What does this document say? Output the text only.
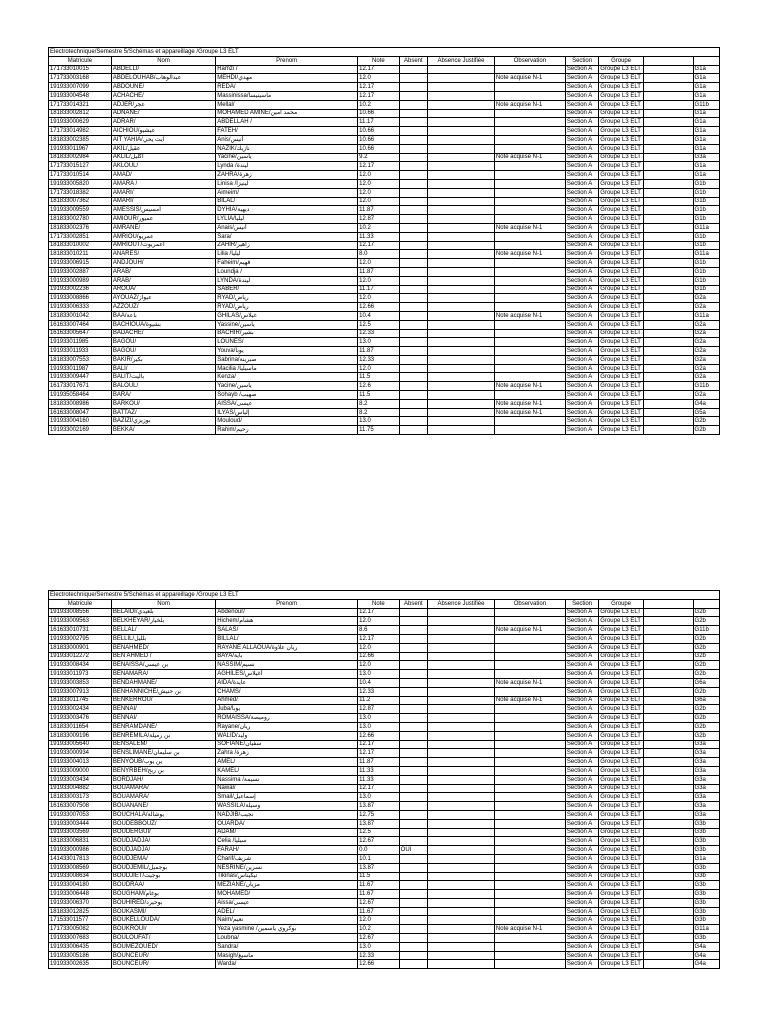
Electrotechnique/Semestre 5/Schémas et appareillage /Groupe L3 ELT										
Matricule	Nom	Prenom	Note	Absent	Absence Justifiée	Observation	Section	Groupe		
171733010015	ABDELLI/	Ramzi /	12.17				Section A	Groupe L3 ELT		G1a
171733003168	ABDELOUHAB/عبدالوهاب	MEHDI/مهدي	12.0			Note acquise N-1	Section A	Groupe L3 ELT		G1a
191933007099	ABDOUNE/	REDA/	12.17				Section A	Groupe L3 ELT		G1a
191933004548	ACHACHE/	Massinissa/ماسينيسا	12.17				Section A	Groupe L3 ELT		G1a
171733014321	ADJER/عجر	Mellal/	10.2			Note acquise N-1	Section A	Groupe L3 ELT		G11b
181833002812	ADNANE/	MOHAMED AMINE/محمد أمين	10.66				Section A	Groupe L3 ELT		G1a
191933000629	ADRAR/	ABDELLAH /	11.17				Section A	Groupe L3 ELT		G1a
171733014982	AICHIOU/عيشيو	FATEH/	10.66				Section A	Groupe L3 ELT		G1a
181833002385	AIT YAHIA/آيت يحي	Anis/أنيس	10.66				Section A	Groupe L3 ELT		G1a
191933011967	AKIL/عقيل	NAZIK/نازيك	10.66				Section A	Groupe L3 ELT		G1a
181833002984	AKLIL/أكليل	Yacine/ياسين	9.2			Note acquise N-1	Section A	Groupe L3 ELT		G3a
171733015127	AKLOUL/	Lynda /ليندة	12.17				Section A	Groupe L3 ELT		G1a
171733010514	AMAD/	ZAHRA/زهرة	12.0				Section A	Groupe L3 ELT		G1a
191933005820	AMARA /	Linisa /لينيزا	12.0				Section A	Groupe L3 ELT		G1b
171733018382	AMARI/	Aimeim/	12.0				Section A	Groupe L3 ELT		G1b
181833007362	AMARI/	BILAL/	12.0				Section A	Groupe L3 ELT		G1b
191933009559	AMESSIS/أمسيس	DYHIA/ديهية	11.87				Section A	Groupe L3 ELT		G1b
181833002780	AMIOUR/عميور	LYLIA/ليليا	12.87				Section A	Groupe L3 ELT		G1b
181833002376	AMRANE/	Anais/أنيس	10.2			Note acquise N-1	Section A	Groupe L3 ELT		G11a
171733002851	AMRIOU/عمريو	Sara/	11.33				Section A	Groupe L3 ELT		G1b
181833010002	AMRIOUT/اعمريوت	ZAHIR/زاهير	12.17				Section A	Groupe L3 ELT		G1b
181833010211	ANARES/	Lilia /ليليا	8.0			Note acquise N-1	Section A	Groupe L3 ELT		G11a
191933006915	ANDJOUH/	Faheim/فهيم	12.0				Section A	Groupe L3 ELT		G1b
191933002887	ARAB/	Loundja /	11.87				Section A	Groupe L3 ELT		G1b
191933000989	ARAB/	LYNDA/ليندة	12.0				Section A	Groupe L3 ELT		G1b
191933002236	AROUA/	SABER/	11.17				Section A	Groupe L3 ELT		G1b
191933008866	AYOUAZ/عيواز	RYAD/رياض	12.0				Section A	Groupe L3 ELT		G2a
191933006333	AZZOUZ/	RYAD/رياض	12.66				Section A	Groupe L3 ELT		G2a
181833001042	BAA/باعة	GHILAS/غيلاس	10.4			Note acquise N-1	Section A	Groupe L3 ELT		G11a
161633007464	BACHIOUA/بشيوة	Yassine/ياسين	12.5				Section A	Groupe L3 ELT		G2a
161633005647	BADACHE/	BACHIR/بشير	12.33				Section A	Groupe L3 ELT		G2a
191933011985	BAGOU/	LOUNES/	13.0				Section A	Groupe L3 ELT		G2a
191933011933	BAGOU/	Youva/يوبا	11.87				Section A	Groupe L3 ELT		G2a
181833007553	BAKIR/بكير	Sabrina/صبرينة	12.33				Section A	Groupe L3 ELT		G2a
191933011987	BALI/	Macilia /ماسيليا	12.0				Section A	Groupe L3 ELT		G2a
191933009447	BALIT/باليت	Kenza/	11.5				Section A	Groupe L3 ELT		G2a
161733017671	BALOUL/	Yacine/ياسين	12.6			Note acquise N-1	Section A	Groupe L3 ELT		G11b
191935058464	BARA/	Sohayb /صهيب	11.5				Section A	Groupe L3 ELT		G2a
181833008986	BARKOU/	AISSA/عيسى	8.2			Note acquise N-1	Section A	Groupe L3 ELT		G4a
161633008047	BATTAZ/	ILYAS/إلياس	8.2			Note acquise N-1	Section A	Groupe L3 ELT		G5a
191933004160	BAZIZI/بوزيزي	Mouloud/	13.0				Section A	Groupe L3 ELT		G2b
191933002169	BEKKA/	Rahim/رحيم	11.75				Section A	Groupe L3 ELT		G2b
Electrotechnique/Semestre 5/Schémas et appareillage /Groupe L3 ELT										
Matricule	Nom	Prenom	Note	Absent	Absence Justifiée	Observation	Section	Groupe		
191933008556	BELAIDI/بلعيدي	Abdenour/	12.17				Section A	Groupe L3 ELT		G2b
191933009563	BELKHEYAR/بلخيار	Hichem/هشام	12.0				Section A	Groupe L3 ELT		G2b
161633010731	BELLAL/	SALAS/	8.6			Note acquise N-1	Section A	Groupe L3 ELT		G11b
191933002795	BELLIL/بلليل	BILLAL/	12.17				Section A	Groupe L3 ELT		G2b
181833000901	BENAHMED/	RAYANE ALLAOUA/ريان علاوة	12.0				Section A	Groupe L3 ELT		G2b
191933012272	BEN AHMED /	BAYA/باية	12.66				Section A	Groupe L3 ELT		G2b
191933008434	BENAISSA/بن عيسى	NASSIM/نسيم	12.0				Section A	Groupe L3 ELT		G2b
191933011973	BENAMARA/	AGHILES/أغيلاس	13.0				Section A	Groupe L3 ELT		G2b
191933003853	BENDAHMANE/	AIDA/عايدة	10.4			Note acquise N-1	Section A	Groupe L3 ELT		G6a
191933007913	BENHANNICHE/بن حنيش	CHAMS/	12.33				Section A	Groupe L3 ELT		G2b
181833011745	BENKERROU/	Ahmed/	11.2			Note acquise N-1	Section A	Groupe L3 ELT		G6a
191933002434	BENNAI/	Juba/يوبا	12.87				Section A	Groupe L3 ELT		G2b
191933003476	BENNAI/	ROMAISSA/روميصة	13.0				Section A	Groupe L3 ELT		G2b
181833011654	BENRAMDANE/	Rayane/ريان	13.0				Section A	Groupe L3 ELT		G2b
181833009196	BENREMILA/بن رميلة	WALID/وليد	12.66				Section A	Groupe L3 ELT		G2b
191933005640	BENSALEM/	SOFIANE/سفيان	12.17				Section A	Groupe L3 ELT		G3a
191933000934	BENSLIMANE/بن سليمان	Zahra /زهرة	12.17				Section A	Groupe L3 ELT		G3a
191933004013	BENYOUB/بن يوب	AMEL/	11.87				Section A	Groupe L3 ELT		G3a
191933009000	BENYRBEH/بن ربح	KAMEL/	11.33				Section A	Groupe L3 ELT		G3a
191933003434	BORDJAH/	Nassima /نسيمة	11.33				Section A	Groupe L3 ELT		G3a
191933004882	BOUAMARA/	Nawal/	12.17				Section A	Groupe L3 ELT		G3a
181833003173	BOUAMARA/	Smail/إسماعيل	13.0				Section A	Groupe L3 ELT		G3a
161633007508	BOUANANE/	WASSILA/وسيلة	13.87				Section A	Groupe L3 ELT		G3a
191933007053	BOUCHALA/بوشالة	NADJIB/نجيب	12.75				Section A	Groupe L3 ELT		G3a
191933003444	BOUDEBBOUZ/	OUARDA/	13.87				Section A	Groupe L3 ELT		G3b
191933003569	BOUDERGUI/	ADAM/	12.5				Section A	Groupe L3 ELT		G3b
181833006831	BOUDJADJA/	Celia /سيليا	12.67				Section A	Groupe L3 ELT		G3b
191933000986	BOUDJADJA/	FARAH/	0.0	OUI			Section A	Groupe L3 ELT		G3b
141433017813	BOUDJEMA/	Charif/شريف	10.1				Section A	Groupe L3 ELT		G1a
191933008569	BOUDJEMIL/بوجميل	NESRINE/نسرين	13.87				Section A	Groupe L3 ELT		G3b
191933008634	BOUDJIET/بوجيت	Tikinas/تيكيناس	11.5				Section A	Groupe L3 ELT		G3b
191933004180	BOUDRAA/	MEZIANE/مزيان	11.67				Section A	Groupe L3 ELT		G3b
191933006448	BOUGHAM/بوغام	MOHAMED/	11.67				Section A	Groupe L3 ELT		G3b
191933006370	BOUHIRED/بوحيرد	Aissa/عيسى	12.67				Section A	Groupe L3 ELT		G3b
181833012825	BOUKASMI/	ADEL/	11.67				Section A	Groupe L3 ELT		G3b
171533011577	BOUKELLOUDA/	Naim/نعيم	12.0				Section A	Groupe L3 ELT		G3b
171733005082	BOUKROUI/	Yeza yasmine /بوكروي ياسمين	10.2			Note acquise N-1	Section A	Groupe L3 ELT		G11a
191933007683	BOULOUFAT/	Loubna/	12.67				Section A	Groupe L3 ELT		G3b
191933006435	BOUMEZOUED/	Sandra/	13.0				Section A	Groupe L3 ELT		G4a
191933005186	BOUNCEUR/	Masigh/ماسيغ	12.33				Section A	Groupe L3 ELT		G4a
191933002635	BOUNCEUR/	Warda/	12.66				Section A	Groupe L3 ELT		G4a
